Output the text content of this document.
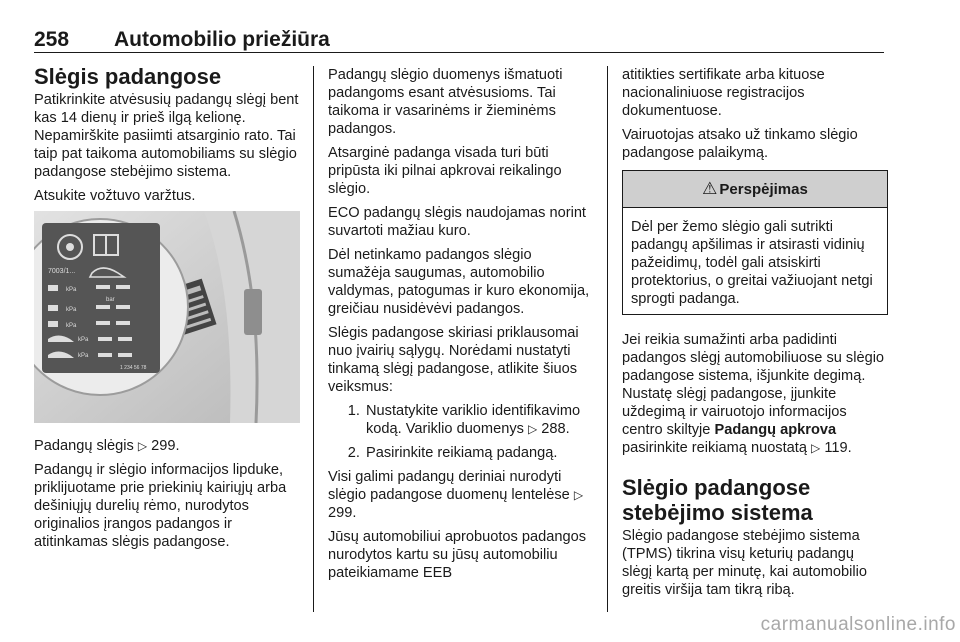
258 Automobilio priežiūra
Slėgis padangose

Patikrinkite atvėsusių padangų slėgį bent kas 14 dienų ir prieš ilgą kelionę. Nepamirškite pasiimti atsarginio rato. Tai taip pat taikoma automobiliams su slėgio padangose stebėjimo sistema.

Atsukite vožtuvo varžtus.

7003/1...
kPa
bar
kPa
kPa
kPa
kPa
1 234 56 78

Padangų slėgis ▷ 299.

Padangų ir slėgio informacijos lipduke, priklijuotame prie priekinių kairiųjų arba dešiniųjų durelių rėmo, nurodytos originalios įrangos padangos ir atitinkamas slėgis padangose.

Padangų slėgio duomenys išmatuoti padangoms esant atvėsusioms. Tai taikoma ir vasarinėms ir žieminėms padangos.

Atsarginė padanga visada turi būti pripūsta iki pilnai apkrovai reikalingo slėgio.

ECO padangų slėgis naudojamas norint suvartoti mažiau kuro.

Dėl netinkamo padangos slėgio sumažėja saugumas, automobilio valdymas, patogumas ir kuro ekonomija, greičiau nusidėvėvi padangos.

Slėgis padangose skiriasi priklausomai nuo įvairių sąlygų. Norėdami nustatyti tinkamą slėgį padangose, atlikite šiuos veiksmus:

1. Nustatykite variklio identifikavimo kodą. Variklio duomenys ▷ 288.
2. Pasirinkite reikiamą padangą.

Visi galimi padangų deriniai nurodyti slėgio padangose duomenų lentelėse ▷ 299.

Jūsų automobiliui aprobuotos padangos nurodytos kartu su jūsų automobiliu pateikiamame EEB

atitikties sertifikate arba kituose nacionaliniuose registracijos dokumentuose.

Vairuotojas atsako už tinkamo slėgio padangose palaikymą.

⚠ Perspėjimas

Dėl per žemo slėgio gali sutrikti padangų apšilimas ir atsirasti vidinių pažeidimų, todėl gali atsiskirti protektorius, o greitai važiuojant netgi sprogti padanga.

Jei reikia sumažinti arba padidinti padangos slėgį automobiliuose su slėgio padangose sistema, išjunkite degimą. Nustatę slėgį padangose, įjunkite uždegimą ir vairuotojo informacijos centro skiltyje Padangų apkrova pasirinkite reikiamą nuostatą ▷ 119.

Slėgio padangose stebėjimo sistema

Slėgio padangose stebėjimo sistema (TPMS) tikrina visų keturių padangų slėgį kartą per minutę, kai automobilio greitis viršija tam tikrą ribą.

carmanualsonline.info
